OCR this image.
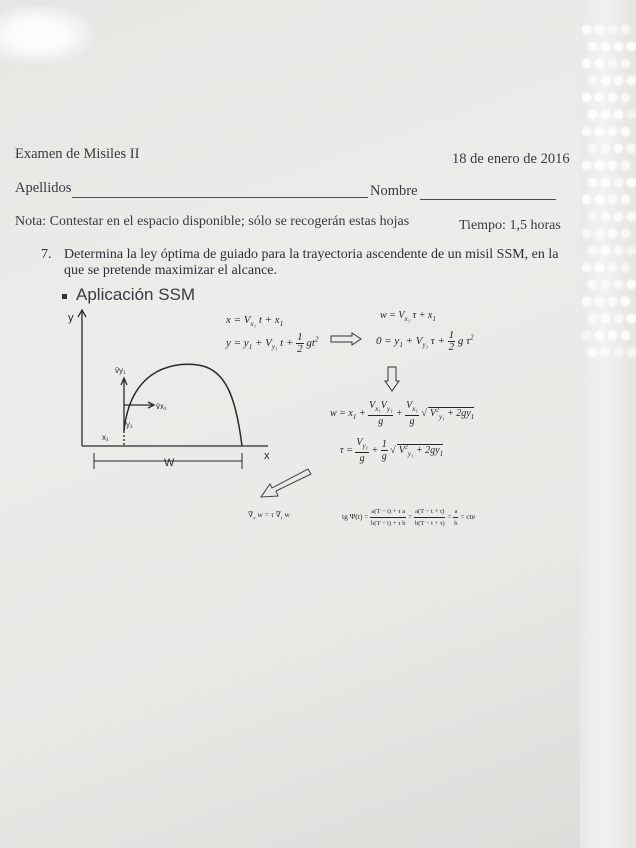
Examen de Misiles II	18 de enero de 2016
Apellidos	Nombre
Nota: Contestar en el espacio disponible; sólo se recogerán estas hojas	Tiempo: 1,5 horas
7. Determina la ley óptima de guiado para la trayectoria ascendente de un misil SSM, en la
que se pretende maximizar el alcance.
Aplicación SSM
y
x
v̄y₁
v̄x₁
y₁
x₁
W
$x = V_{x_1}$ $t + x_1$
$y = y_1 + V_{y_1}$ $t + \frac{1}{2} gt^2$
$w = V_{x_1}$ $\tau + x_1$
$0 = y_1 + V_{y_1}$ $\tau + \frac{1}{2}$ g $\tau^2$
$w = x_1 + \frac{V_{x_1}V_{y_1}}{g} + \frac{V_{x_1}}{g}$ √ $V^2_{y_1} + 2gy_1$
$\tau = \frac{V_{y_1}}{g} + \frac{1}{g}$ √ $V^2_{y_1} + 2gy_1$
$\nabla_\nu$ w = τ $\nabla_r$ w	tg $\Psi(t) = \frac{\text{a(T − t) + τ a}}{\text{b(T − t) + τ b}} = \frac{a(T - t + \tau)}{b(T - t + \tau)} = \frac{a}{b}$ = cte
